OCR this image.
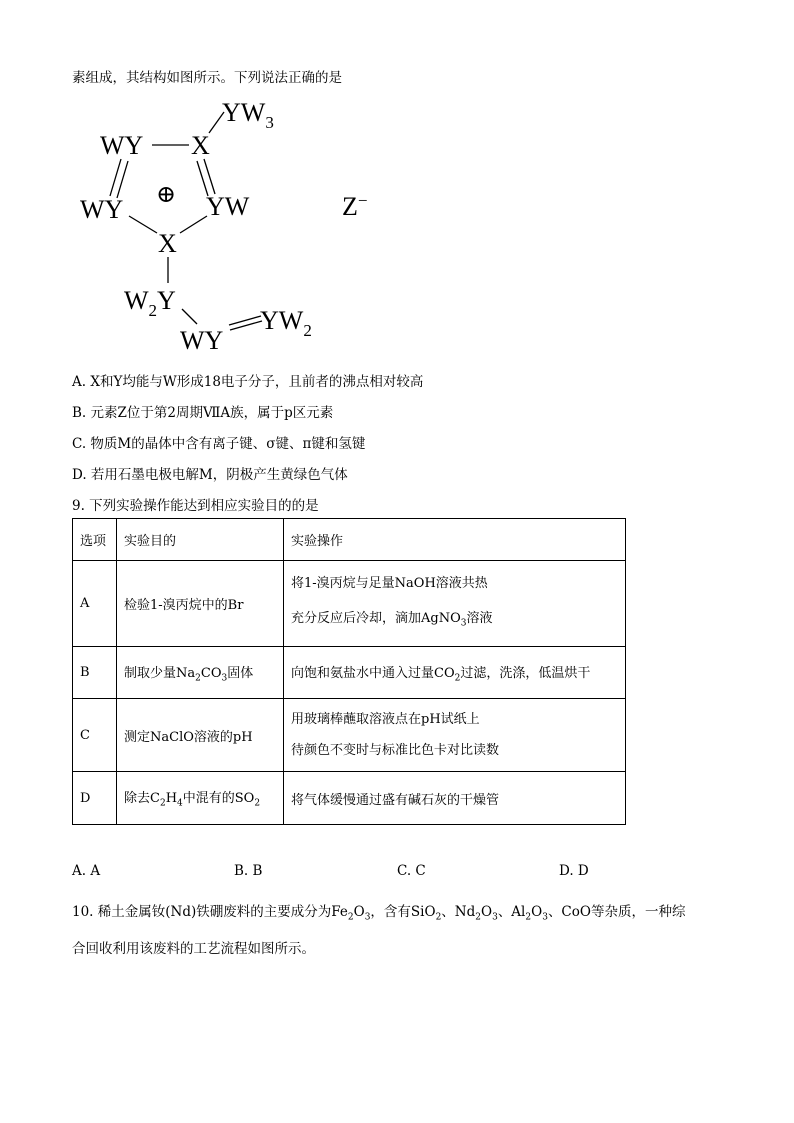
素组成，其结构如图所示。下列说法正确的是
WY X
$YW_3$
WY	YW
⊕
X
$W_2Y$
WY
$YW_2$
Z−
A. X和Y均能与W形成18电子分子，且前者的沸点相对较高
B. 元素Z位于第2周期ⅦA族，属于p区元素
C. 物质M的晶体中含有离子键、σ键、π键和氢键
D. 若用石墨电极电解M，阴极产生黄绿色气体
9. 下列实验操作能达到相应实验目的的是
选项	实验目的	实验操作
A	检验1-溴丙烷中的Br	将1-溴丙烷与足量NaOH溶液共热
充分反应后冷却，滴加AgNO$_3$溶液

B	制取少量$Na_2CO_3$固体	向饱和氨盐水中通入过量$CO_2$过滤，洗涤，低温烘干
C	测定NaClO溶液的pH	用玻璃棒蘸取溶液点在pH试纸上
待颜色不变时与标准比色卡对比读数

D	除去$C_2H_4$中混有的$SO_2$	将气体缓慢通过盛有碱石灰的干燥管
A. A	B. B	C. C	D. D
10. 稀土金属钕(Nd)铁硼废料的主要成分为$Fe_2O_3$，含有SiO$_2$、$Nd_2O_3$、$Al_2O_3$、CoO等杂质，一种综
合回收利用该废料的工艺流程如图所示。
